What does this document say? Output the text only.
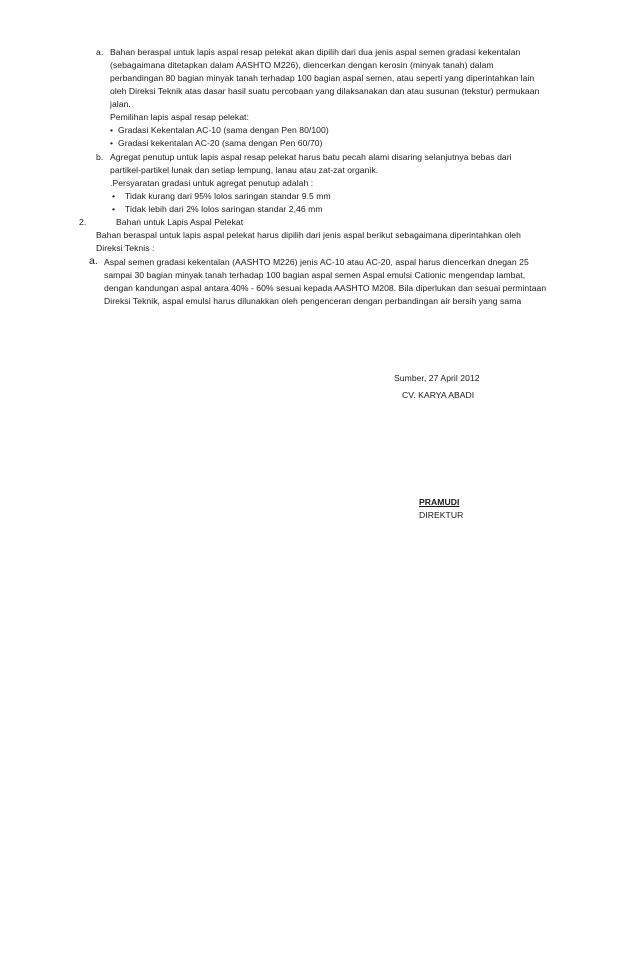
a. Bahan beraspal untuk lapis aspal resap pelekat akan dipilih dari dua jenis aspal semen gradasi kekentalan
(sebagaimana ditetapkan dalam AASHTO M226), diencerkan dengan kerosin (minyak tanah) dalam
perbandingan 80 bagian minyak tanah terhadap 100 bagian aspal semen, atau seperti yang diperintahkan lain
oleh Direksi Teknik atas dasar hasil suatu percobaan yang dilaksanakan dan atau susunan (tekstur) permukaan
jalan.
Pemilihan lapis aspal resap pelekat:
• Gradasi Kekentalan AC-10 (sama dengan Pen 80/100)
• Gradasi kekentalan AC-20 (sama dengan Pen 60/70)
b. Agregat penutup untuk lapis aspal resap pelekat harus batu pecah alami disaring selanjutnya bebas dari
partikel-partikel lunak dan setiap lempung, lanau atau zat-zat organik.
.Persyaratan gradasi untuk agregat penutup adalah :
• Tidak kurang dari 95% lolos saringan standar 9.5 mm
• Tidak lebih dari 2% lolos saringan standar 2,46 mm
2.	Bahan untuk Lapis Aspal Pelekat
Bahan beraspal untuk lapis aspal pelekat harus dipilih dari jenis aspal berikut sebagaimana diperintahkan oleh
Direksi Teknis :
a. Aspal semen gradasi kekentalan (AASHTO M226) jenis AC-10 atau AC-20, aspal harus diencerkan dnegan 25
sampai 30 bagian minyak tanah terhadap 100 bagian aspal semen Aspal emulsi Cationic mengendap lambat,
dengan kandungan aspal antara 40% - 60% sesuai kepada AASHTO M208. Bila diperlukan dan sesuai permintaan
Direksi Teknik, aspal emulsi harus dilunakkan oleh pengenceran dengan perbandingan air bersih yang sama
Sumber, 27 April 2012
CV. KARYA ABADI
PRAMUDI
DIREKTUR
